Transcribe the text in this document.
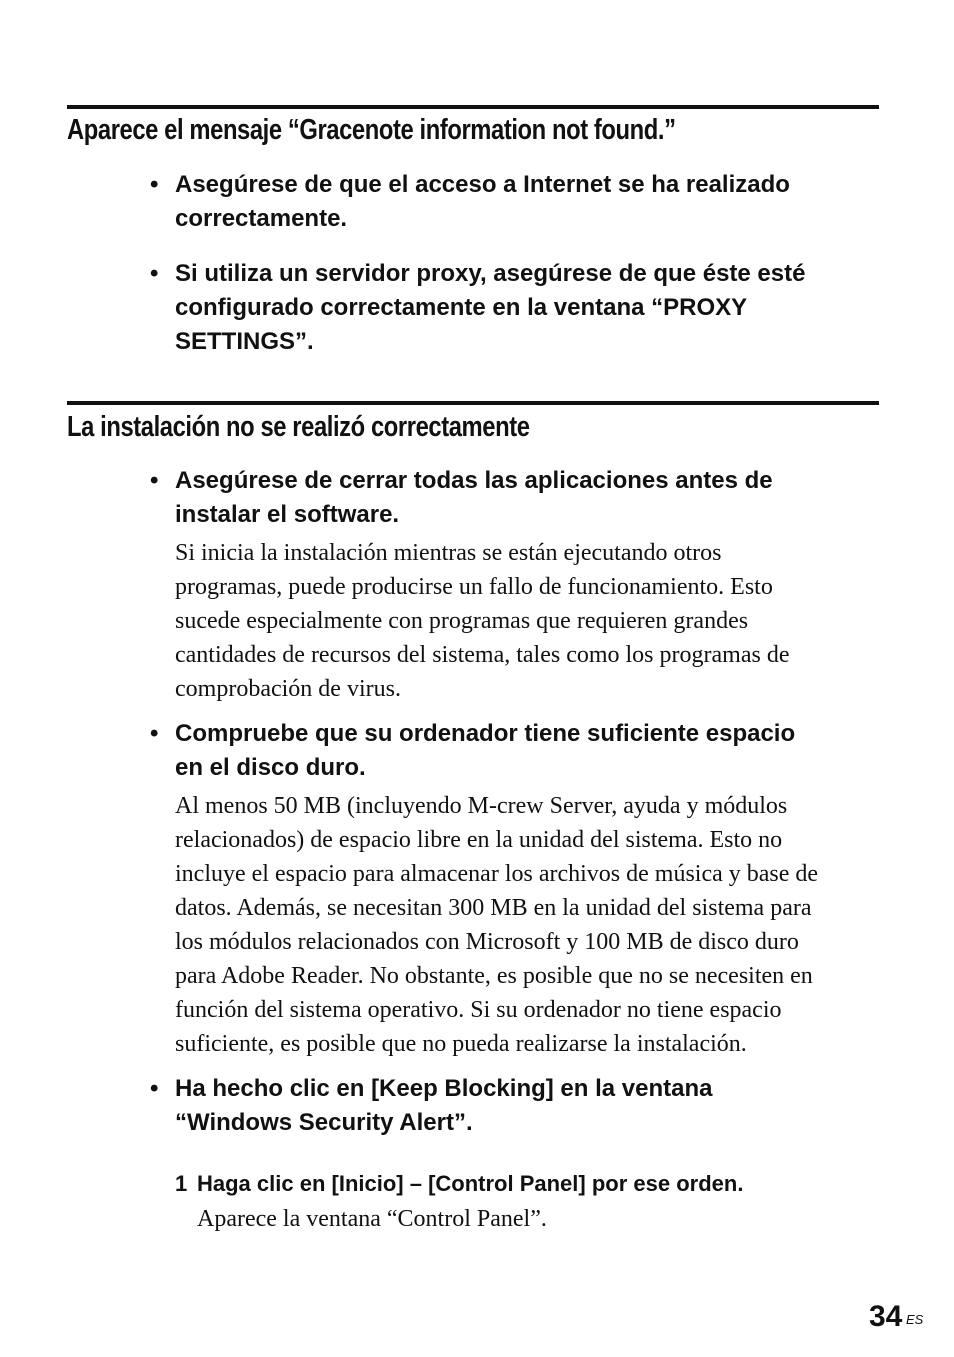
Aparece el mensaje “Gracenote information not found.”
• Asegúrese de que el acceso a Internet se ha realizado
correctamente.
• Si utiliza un servidor proxy, asegúrese de que éste esté
configurado correctamente en la ventana “PROXY
SETTINGS”.
La instalación no se realizó correctamente
• Asegúrese de cerrar todas las aplicaciones antes de
instalar el software.
Si inicia la instalación mientras se están ejecutando otros
programas, puede producirse un fallo de funcionamiento. Esto
sucede especialmente con programas que requieren grandes
cantidades de recursos del sistema, tales como los programas de
comprobación de virus.
• Compruebe que su ordenador tiene suficiente espacio
en el disco duro.
Al menos 50 MB (incluyendo M-crew Server, ayuda y módulos
relacionados) de espacio libre en la unidad del sistema. Esto no
incluye el espacio para almacenar los archivos de música y base de
datos. Además, se necesitan 300 MB en la unidad del sistema para
los módulos relacionados con Microsoft y 100 MB de disco duro
para Adobe Reader. No obstante, es posible que no se necesiten en
función del sistema operativo. Si su ordenador no tiene espacio
suficiente, es posible que no pueda realizarse la instalación.
• Ha hecho clic en [Keep Blocking] en la ventana
“Windows Security Alert”.
1 Haga clic en [Inicio] – [Control Panel] por ese orden.
Aparece la ventana “Control Panel”.
34 ES
